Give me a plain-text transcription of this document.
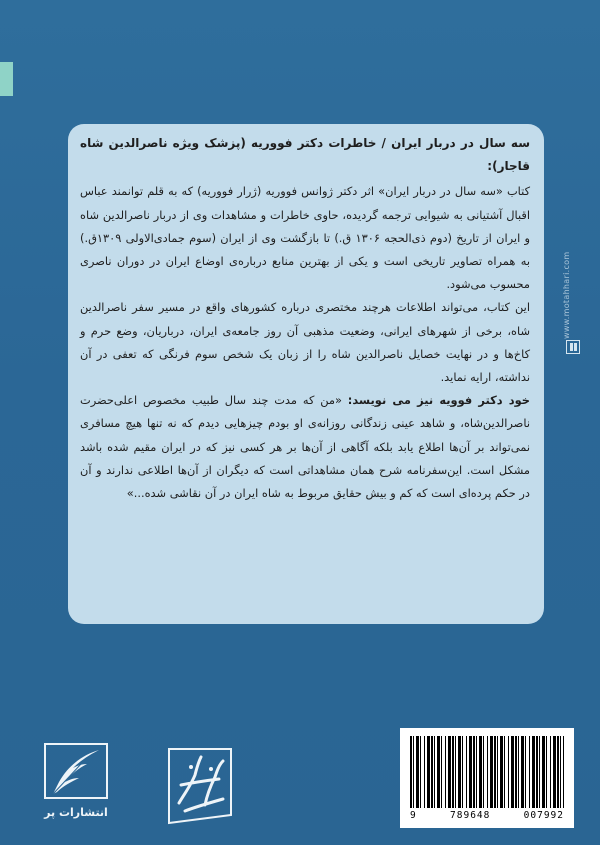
www.motahhari.com

سه سال در دربار ایران / خاطرات دکتر فووریه (پزشک ویژه ناصرالدین شاه قاجار):

کتاب «سه سال در دربار ایران» اثر دکتر ژوانس فووریه (ژرار فووریه) که به قلم توانمند عباس اقبال آشتیانی به شیوایی ترجمه گردیده، حاوی خاطرات و مشاهدات وی از دربار ناصرالدین شاه و ایران از تاریخ (دوم ذی‌الحجه ۱۳۰۶ ق.) تا بازگشت وی از ایران (سوم جمادی‌الاولی ۱۳۰۹ق.) به همراه تصاویر تاریخی است و یکی از بهترین منابع درباره‌ی اوضاع ایران در دوران ناصری محسوب می‌شود.

این کتاب، می‌تواند اطلاعات هرچند مختصری درباره کشورهای واقع در مسیر سفر ناصرالدین شاه، برخی از شهرهای ایرانی، وضعیت مذهبی آن روز جامعه‌ی ایران، درباریان، وضع حرم و کاخ‌ها و در نهایت خصایل ناصرالدین شاه را از زبان یک شخص سوم فرنگی که تعفی در آن نداشته، ارایه نماید.

خود دکتر فوویه نیز می نویسد: «من که مدت چند سال طبیب مخصوص اعلی‌حضرت ناصرالدین‌شاه، و شاهد عینی زندگانی روزانه‌ی او بودم چیزهایی دیدم که نه تنها هیچ مسافری نمی‌تواند بر آن‌ها اطلاع یابد بلکه آگاهی از آن‌ها بر هر کسی نیز که در ایران مقیم شده باشد مشکل است. این‌سفرنامه شرح همان مشاهداتی است که دیگران از آن‌ها اطلاعی ندارند و آن در حکم پرده‌ای است که کم و بیش حقایق مربوط به شاه ایران در آن نقاشی شده...»

انتشارات پر	9	789648	007992
